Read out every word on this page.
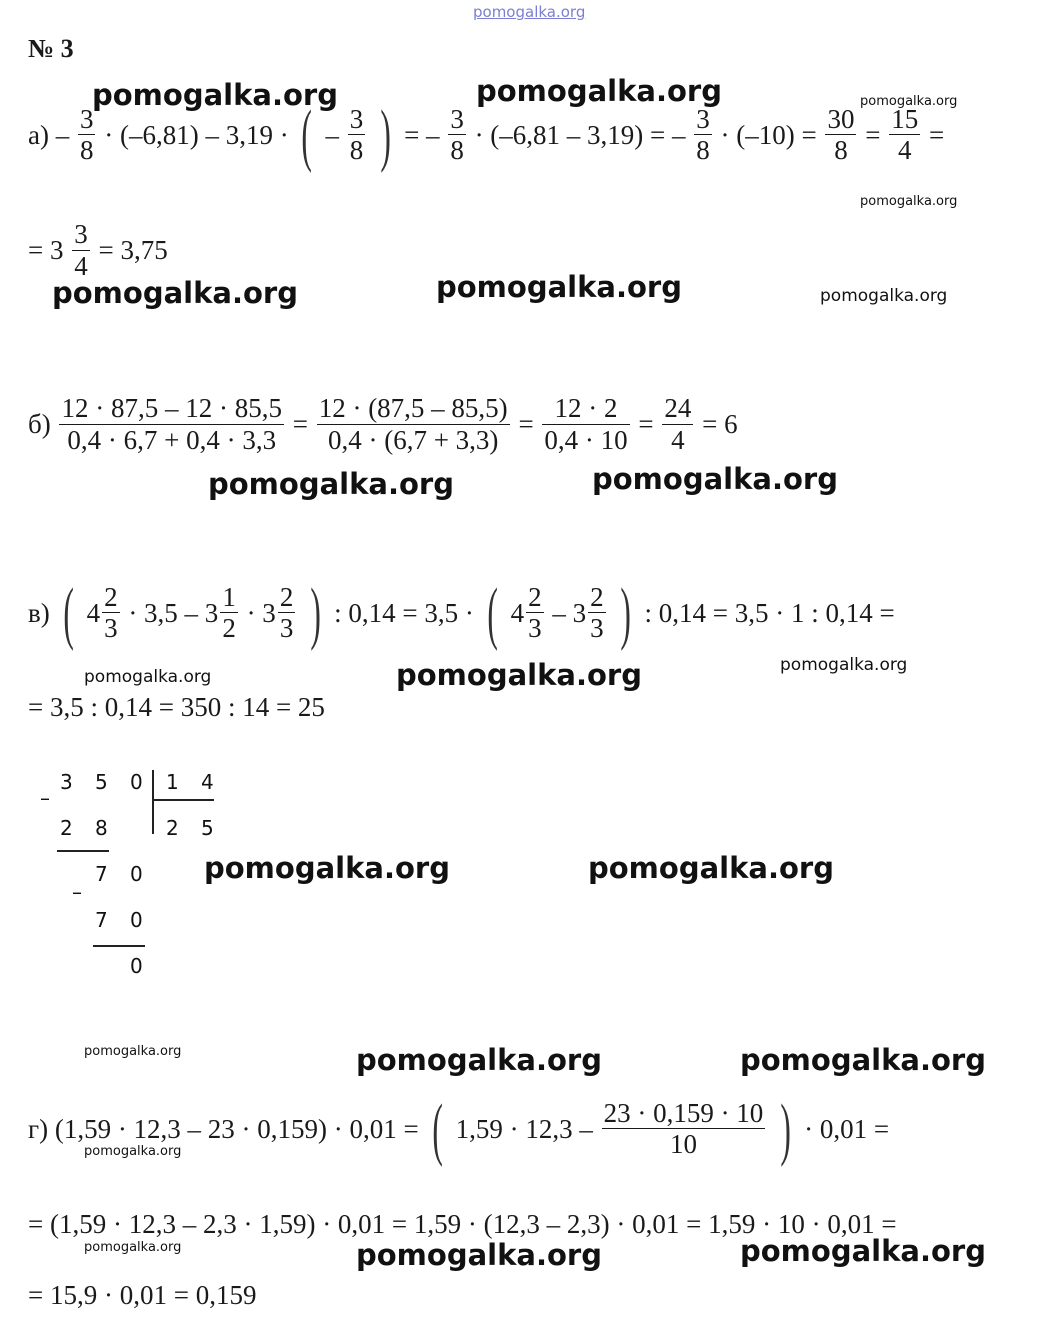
pomogalka.org
№ 3
$а) - \frac{3}{8} \cdot (-6,81) - 3,19$ · ( – $\frac{3}{8}$ ) = – $\frac{3}{8} \cdot (-6,81 - 3,19)$ = – $\frac{3}{8} \cdot (-10) = \frac{30}{8} = \frac{15}{4}$ =
= $3 \frac{3}{4} = 3,75$
$б) \frac{12 \cdot 87,5 - 12 \cdot 85,5}{0,4 \cdot 6,7 + 0,4 \cdot 3,3} = \frac{12 \cdot (87,5 - 85,5)}{0,4 \cdot (6,7 + 3,3)} = \frac{12 \cdot 2}{0,4 \cdot 10} = \frac{24}{4} = 6$
в) ( $4 \frac{2}{3} \cdot 3,5 - 3 \frac{1}{2} \cdot 3 \frac{2}{3}$ ) : 0,14 = 3,5 · ( $4 \frac{2}{3} - 3 \frac{2}{3}$ ) : 0,14 = 3,5 · 1 : 0,14 =
= 3,5 : 0,14 = 350 : 14 = 25
–
3 5 0 1 4
2 5
2 8
–
7 0
7 0
0
г) (1,59 · 12,3 – 23 · 0,159) · 0,01 = ( $1,59 \cdot 12,3 - \frac{23 \cdot 0,159 \cdot 10}{10}$ ) · 0,01 =
= (1,59 · 12,3 – 2,3 · 1,59) · 0,01 = 1,59 · (12,3 – 2,3) · 0,01 = 1,59 · 10 · 0,01 =
= 15,9 · 0,01 = 0,159
pomogalka.org	pomogalka.org	pomogalka.org
pomogalka.org
pomogalka.org	pomogalka.org	pomogalka.org
pomogalka.org	pomogalka.org
pomogalka.org	pomogalka.org	pomogalka.org
pomogalka.org	pomogalka.org
pomogalka.org	pomogalka.org	pomogalka.org
pomogalka.org
pomogalka.org	pomogalka.org	pomogalka.org
